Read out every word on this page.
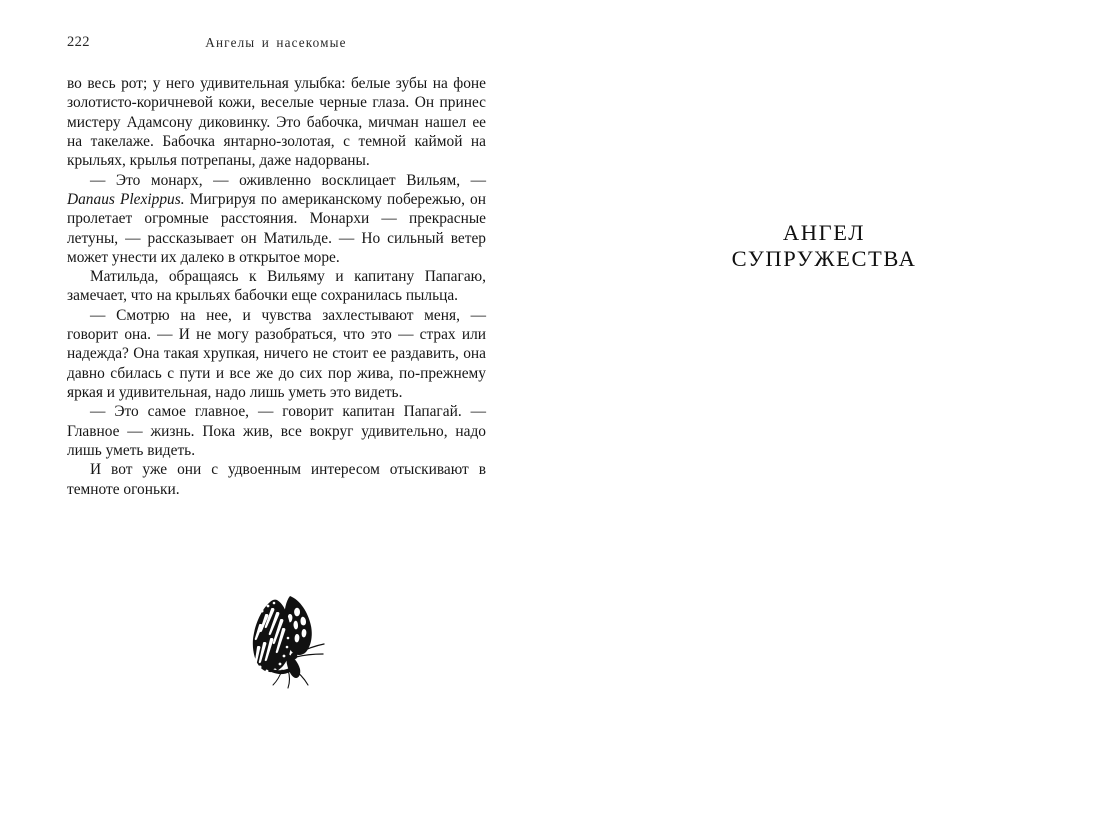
222	Ангелы и насекомые

во весь рот; у него удивительная улыбка: белые зубы на фоне золотисто-коричневой кожи, веселые черные глаза. Он принес мистеру Адамсону диковинку. Это бабочка, мичман нашел ее на такелаже. Бабочка янтарно-золотая, с темной каймой на крыльях, крылья потрепаны, даже надорваны.

— Это монарх, — оживленно восклицает Вильям, — Danaus Plexippus. Мигрируя по американскому побережью, он пролетает огромные расстояния. Монархи — прекрасные летуны, — рассказывает он Матильде. — Но сильный ветер может унести их далеко в открытое море.

Матильда, обращаясь к Вильяму и капитану Папагаю, замечает, что на крыльях бабочки еще сохранилась пыльца.

— Смотрю на нее, и чувства захлестывают меня, — говорит она. — И не могу разобраться, что это — страх или надежда? Она такая хрупкая, ничего не стоит ее раздавить, она давно сбилась с пути и все же до сих пор жива, по-прежнему яркая и удивительная, надо лишь уметь это видеть.

— Это самое главное, — говорит капитан Папагай. — Главное — жизнь. Пока жив, все вокруг удивительно, надо лишь уметь видеть.

И вот уже они с удвоенным интересом отыскивают в темноте огоньки.

АНГЕЛ
СУПРУЖЕСТВА
